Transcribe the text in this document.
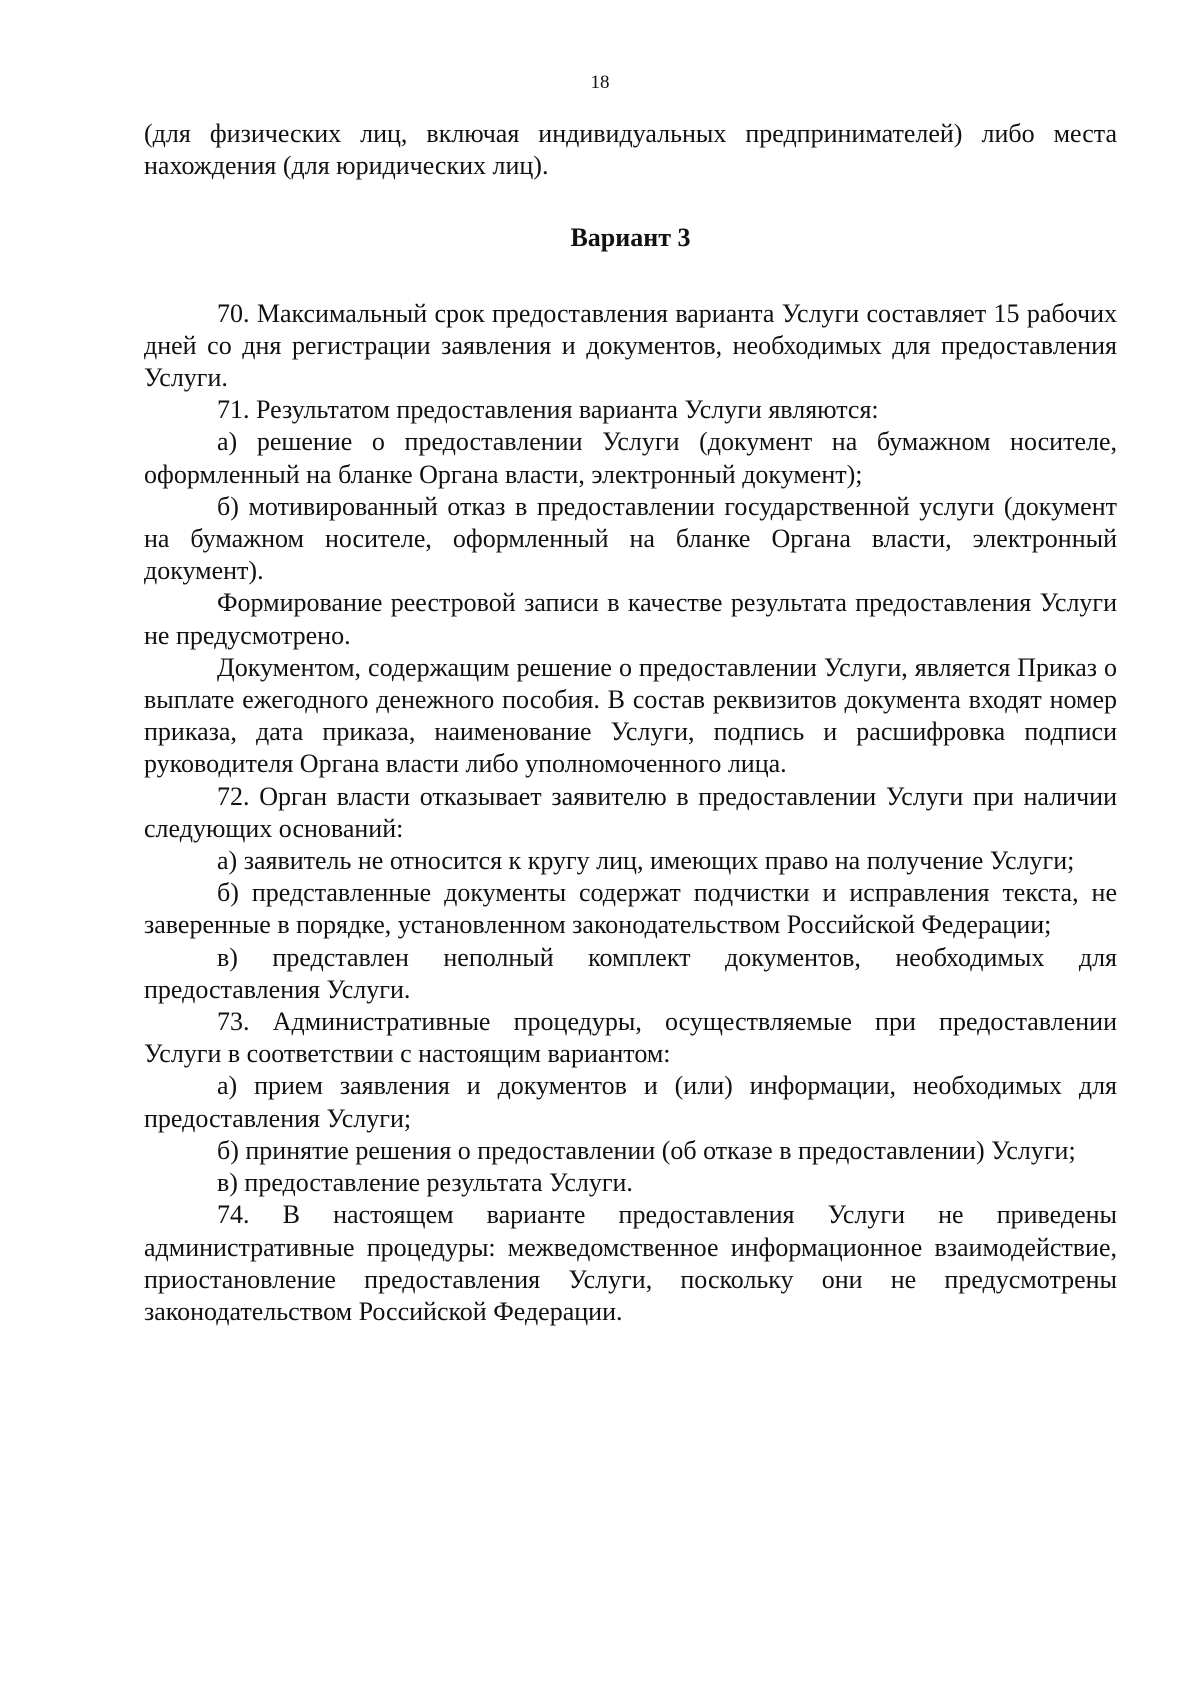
18

(для физических лиц, включая индивидуальных предпринимателей) либо места нахождения (для юридических лиц).

Вариант 3

70. Максимальный срок предоставления варианта Услуги составляет 15 рабочих дней со дня регистрации заявления и документов, необходимых для предоставления Услуги.

71. Результатом предоставления варианта Услуги являются:

а) решение о предоставлении Услуги (документ на бумажном носителе, оформленный на бланке Органа власти, электронный документ);

б) мотивированный отказ в предоставлении государственной услуги (документ на бумажном носителе, оформленный на бланке Органа власти, электронный документ).

Формирование реестровой записи в качестве результата предоставления Услуги не предусмотрено.

Документом, содержащим решение о предоставлении Услуги, является Приказ о выплате ежегодного денежного пособия. В состав реквизитов документа входят номер приказа, дата приказа, наименование Услуги, подпись и расшифровка подписи руководителя Органа власти либо уполномоченного лица.

72. Орган власти отказывает заявителю в предоставлении Услуги при наличии следующих оснований:

а) заявитель не относится к кругу лиц, имеющих право на получение Услуги;

б) представленные документы содержат подчистки и исправления текста, не заверенные в порядке, установленном законодательством Российской Федерации;

в) представлен неполный комплект документов, необходимых для предоставления Услуги.

73. Административные процедуры, осуществляемые при предоставлении Услуги в соответствии с настоящим вариантом:

а) прием заявления и документов и (или) информации, необходимых для предоставления Услуги;

б) принятие решения о предоставлении (об отказе в предоставлении) Услуги;

в) предоставление результата Услуги.

74. В настоящем варианте предоставления Услуги не приведены административные процедуры: межведомственное информационное взаимодействие, приостановление предоставления Услуги, поскольку они не предусмотрены законодательством Российской Федерации.
